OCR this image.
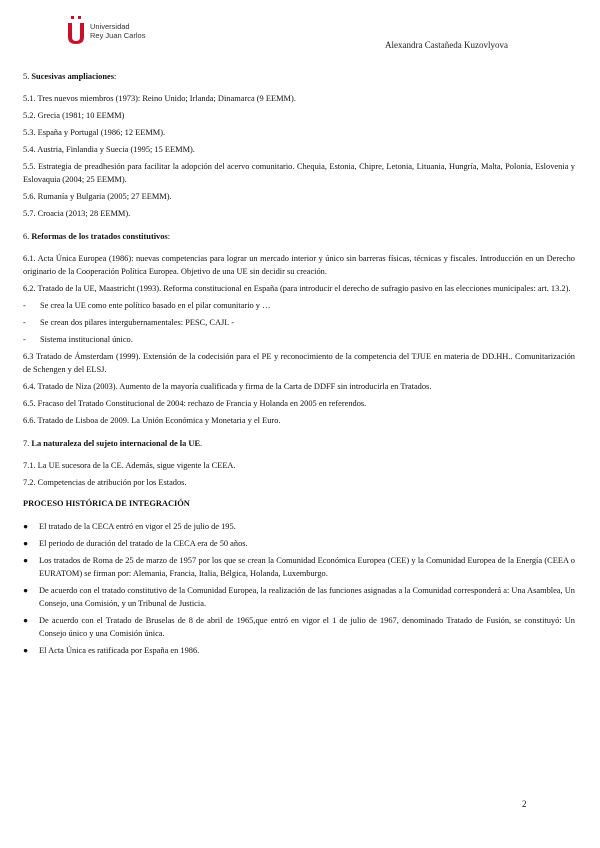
Universidad
Rey Juan Carlos
Alexandra Castañeda Kuzovlyova
5. Sucesivas ampliaciones:
5.1. Tres nuevos miembros (1973): Reino Unido; Irlanda; Dinamarca (9 EEMM).
5.2. Grecia (1981; 10 EEMM)
5.3. España y Portugal (1986; 12 EEMM).
5.4. Austria, Finlandia y Suecia (1995; 15 EEMM).
5.5. Estrategia de preadhesión para facilitar la adopción del acervo comunitario. Chequia, Estonia, Chipre, Letonia, Lituania, Hungría, Malta, Polonia, Eslovenia y Eslovaquia (2004; 25 EEMM).
5.6. Rumanía y Bulgaria (2005; 27 EEMM).
5.7. Croacia (2013; 28 EEMM).
6. Reformas de los tratados constitutivos:
6.1. Acta Única Europea (1986): nuevas competencias para lograr un mercado interior y único sin barreras físicas, técnicas y fiscales. Introducción en un Derecho originario de la Cooperación Política Europea. Objetivo de una UE sin decidir su creación.
6.2. Tratado de la UE, Maastricht (1993). Reforma constitucional en España (para introducir el derecho de sufragio pasivo en las elecciones municipales: art. 13.2).
-	Se crea la UE como ente político basado en el pilar comunitario y …
-	Se crean dos pilares intergubernamentales: PESC, CAJI. -
-	Sistema institucional único.
6.3 Tratado de Ámsterdam (1999). Extensión de la codecisión para el PE y reconocimiento de la competencia del TJUE en materia de DD.HH.. Comunitarización de Schengen y del ELSJ.
6.4. Tratado de Niza (2003). Aumento de la mayoría cualificada y firma de la Carta de DDFF sin introducirla en Tratados.
6.5. Fracaso del Tratado Constitucional de 2004: rechazo de Francia y Holanda en 2005 en referendos.
6.6. Tratado de Lisboa de 2009. La Unión Económica y Monetaria y el Euro.
7. La naturaleza del sujeto internacional de la UE.
7.1. La UE sucesora de la CE. Además, sigue vigente la CEEA.
7.2. Competencias de atribución por los Estados.
PROCESO HISTÓRICA DE INTEGRACIÓN
●	El tratado de la CECA entró en vigor el 25 de julio de 195.
●	El periodo de duración del tratado de la CECA era de 50 años.
●	Los tratados de Roma de 25 de marzo de 1957 por los que se crean la Comunidad Económica Europea (CEE) y la Comunidad Europea de la Energía (CEEA o EURATOM) se firman por: Alemania, Francia, Italia, Bélgica, Holanda, Luxemburgo.
●	De acuerdo con el tratado constitutivo de la Comunidad Europea, la realización de las funciones asignadas a la Comunidad corresponderá a: Una Asamblea, Un Consejo, una Comisión, y un Tribunal de Justicia.
●	De acuerdo con el Tratado de Bruselas de 8 de abril de 1965,que entró en vigor el 1 de julio de 1967, denominado Tratado de Fusión, se constituyó: Un Consejo único y una Comisión única.
●	El Acta Única es ratificada por España en 1986.
2
